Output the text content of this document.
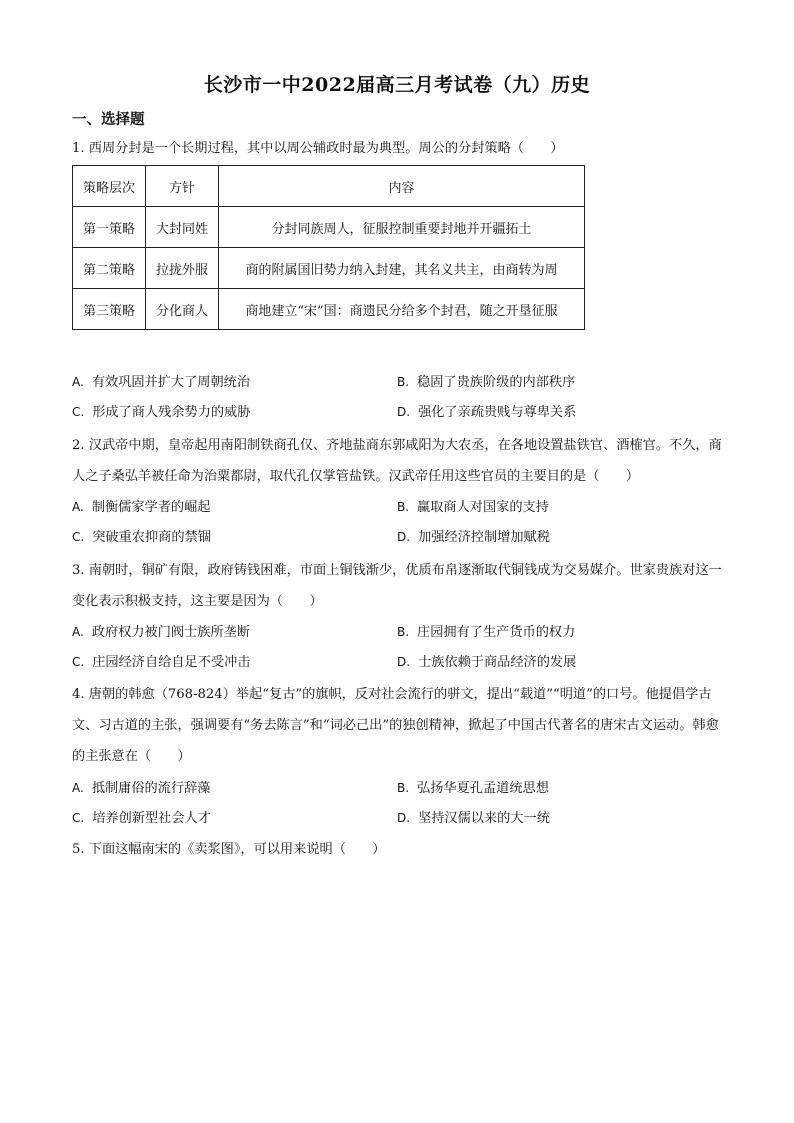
长沙市一中2022届高三月考试卷（九）历史
一、选择题
1. 西周分封是一个长期过程，其中以周公辅政时最为典型。周公的分封策略（　　）
策略层次	方针	内容
第一策略	大封同姓	分封同族周人，征服控制重要封地并开疆拓土
第二策略	拉拢外服	商的附属国旧势力纳入封建，其名义共主，由商转为周
第三策略	分化商人	商地建立“宋”国：商遗民分给多个封君，随之开垦征服
A. 有效巩固并扩大了周朝统治	B. 稳固了贵族阶级的内部秩序
C. 形成了商人残余势力的威胁	D. 强化了亲疏贵贱与尊卑关系
2. 汉武帝中期，皇帝起用南阳制铁商孔仅、齐地盐商东郭咸阳为大农丞，在各地设置盐铁官、酒榷官。不久，商人之子桑弘羊被任命为治粟都尉，取代孔仅掌管盐铁。汉武帝任用这些官员的主要目的是（　　）
A. 制衡儒家学者的崛起	B. 赢取商人对国家的支持
C. 突破重农抑商的禁锢	D. 加强经济控制增加赋税
3. 南朝时，铜矿有限，政府铸钱困难，市面上铜钱渐少，优质布帛逐渐取代铜钱成为交易媒介。世家贵族对这一变化表示积极支持，这主要是因为（　　）
A. 政府权力被门阀士族所垄断	B. 庄园拥有了生产货币的权力
C. 庄园经济自给自足不受冲击	D. 士族依赖于商品经济的发展
4. 唐朝的韩愈（768-824）举起“复古”的旗帜，反对社会流行的骈文，提出“载道”“明道”的口号。他提倡学古文、习古道的主张，强调要有“务去陈言”和“词必己出”的独创精神，掀起了中国古代著名的唐宋古文运动。韩愈的主张意在（　　）
A. 抵制庸俗的流行辞藻	B. 弘扬华夏孔孟道统思想
C. 培养创新型社会人才	D. 坚持汉儒以来的大一统
5. 下面这幅南宋的《卖浆图》，可以用来说明（　　）
